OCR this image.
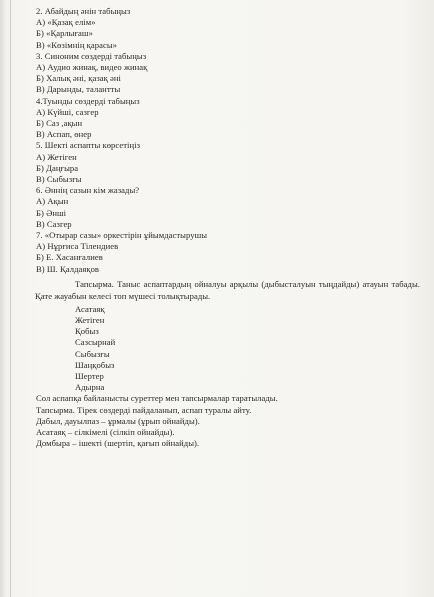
2. Абайдың әнін табыңыз
А) «Қазақ елім»
Б) «Қарлығаш»
В) «Көзімнің қарасы»
3. Синоним сөздерді табыңыз
А) Аудио жинақ, видео жинақ
Б) Халық әні, қазақ әні
В) Дарынды, талантты
4.Туынды сөздерді табыңыз
А) Күйші, сазгер
Б) Саз ,ақын
В) Аспап, өнер
5. Шекті аспапты көрсетіңіз
А) Жетіген
Б) Даңғыра
В) Сыбызғы
6. Әннің сазын кім жазады?
А) Ақын
Б) Әнші
В) Сазгер
7. «Отырар сазы» оркестірін ұйымдастырушы
А) Нұрғиса Тілендиев
Б) Е. Хасанғалиев
В) Ш. Қалдаяқов
Тапсырма. Таныс аспаптардың ойналуы арқылы (дыбысталуын тыңдайды) атауын табады. Қате жауабын келесі топ мүшесі толықтырады.
Асатаяқ
Жетіген
Қобыз
Сазсырнай
Сыбызғы
Шаңқобыз
Шертер
Адырна
Сол аспапқа байланысты суреттер мен тапсырмалар таратылады.
Тапсырма. Тірек сөздерді пайдаланып, аспап туралы айту.
Дабыл, дауылпаз – ұрмалы (ұрып ойнайды).
Асатаяқ – сілкімелі (сілкіп ойнайды).
Домбыра – ішекті (шертіп, қағып ойнайды).
